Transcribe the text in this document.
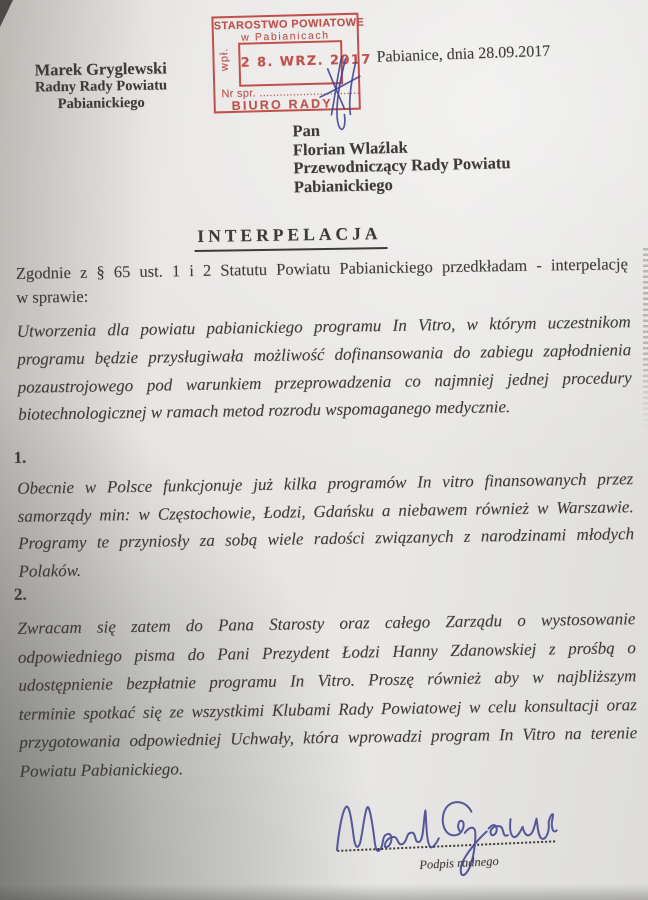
Marek Gryglewski
Radny Rady Powiatu
Pabianickiego
STAROSTWO POWIATOWE
w Pabianicach
wpł. 2 8. WRZ. 2017
Nr spr. ..............................
BIURO RADY
Pabianice, dnia 28.09.2017
Pan
Florian Wlaźlak
Przewodniczący Rady Powiatu
Pabianickiego
INTERPELACJA
Zgodnie z § 65 ust. 1 i 2 Statutu Powiatu Pabianickiego przedkładam - interpelację
w sprawie:
Utworzenia dla powiatu pabianickiego programu In Vitro, w którym uczestnikom
programu będzie przysługiwała możliwość dofinansowania do zabiegu zapłodnienia
pozaustrojowego pod warunkiem przeprowadzenia co najmniej jednej procedury
biotechnologicznej w ramach metod rozrodu wspomaganego medycznie.
1.
Obecnie w Polsce funkcjonuje już kilka programów In vitro finansowanych przez
samorządy min: w Częstochowie, Łodzi, Gdańsku a niebawem również w Warszawie.
Programy te przyniosły za sobą wiele radości związanych z narodzinami młodych
Polaków.
2.
Zwracam się zatem do Pana Starosty oraz całego Zarządu o wystosowanie
odpowiedniego pisma do Pani Prezydent Łodzi Hanny Zdanowskiej z prośbą o
udostępnienie bezpłatnie programu In Vitro. Proszę również aby w najbliższym
terminie spotkać się ze wszystkimi Klubami Rady Powiatowej w celu konsultacji oraz
przygotowania odpowiedniej Uchwały, która wprowadzi program In Vitro na terenie
Powiatu Pabianickiego.
Podpis radnego
